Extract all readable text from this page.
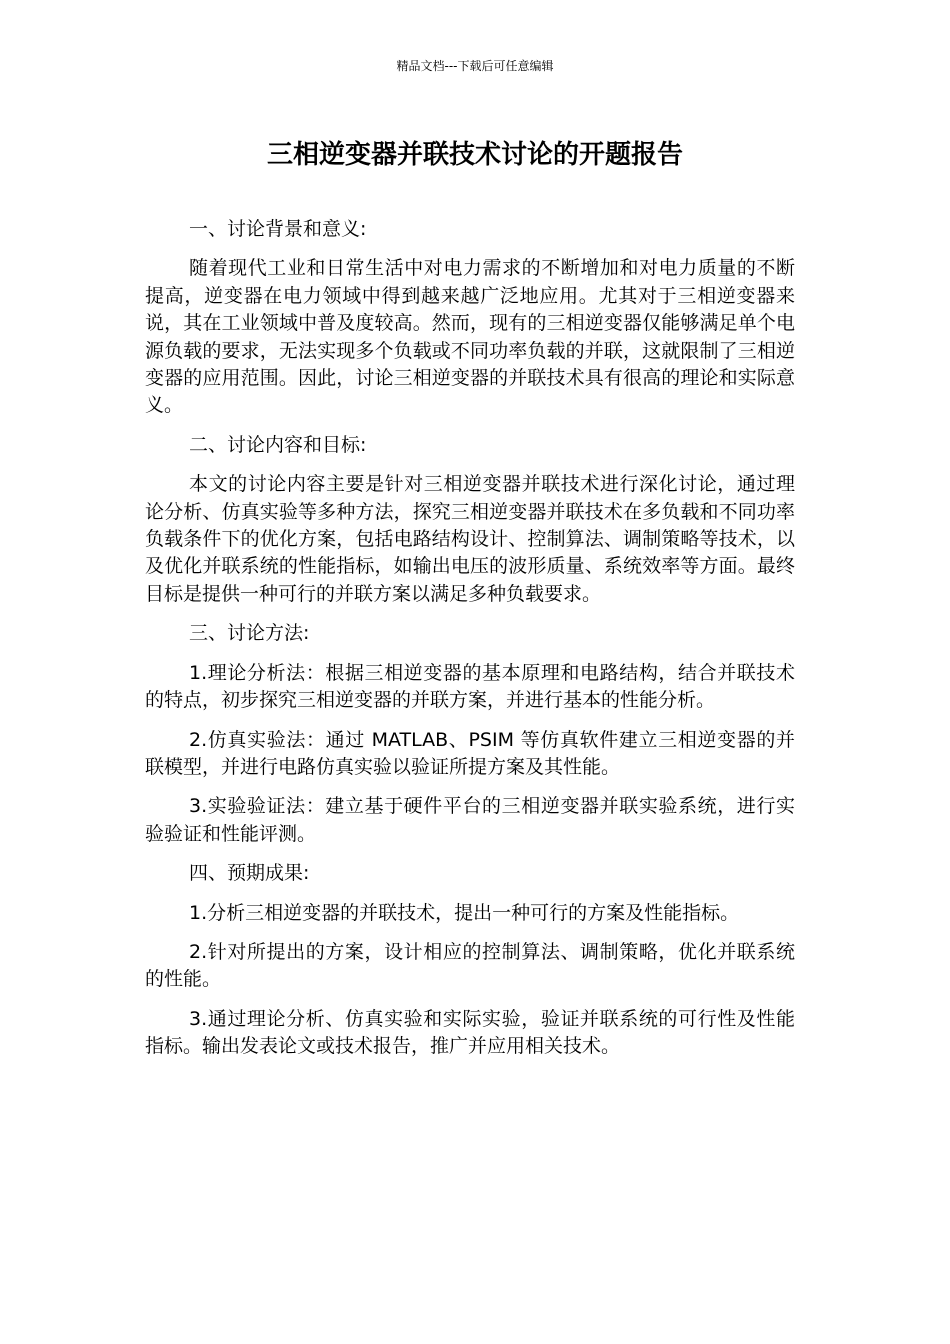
精品文档---下载后可任意编辑
三相逆变器并联技术讨论的开题报告

一、讨论背景和意义:

随着现代工业和日常生活中对电力需求的不断增加和对电力质量的不断提高，逆变器在电力领域中得到越来越广泛地应用。尤其对于三相逆变器来说，其在工业领域中普及度较高。然而，现有的三相逆变器仅能够满足单个电源负载的要求，无法实现多个负载或不同功率负载的并联，这就限制了三相逆变器的应用范围。因此，讨论三相逆变器的并联技术具有很高的理论和实际意义。

二、讨论内容和目标:

本文的讨论内容主要是针对三相逆变器并联技术进行深化讨论，通过理论分析、仿真实验等多种方法，探究三相逆变器并联技术在多负载和不同功率负载条件下的优化方案，包括电路结构设计、控制算法、调制策略等技术，以及优化并联系统的性能指标，如输出电压的波形质量、系统效率等方面。最终目标是提供一种可行的并联方案以满足多种负载要求。

三、讨论方法:

1.理论分析法：根据三相逆变器的基本原理和电路结构，结合并联技术的特点，初步探究三相逆变器的并联方案，并进行基本的性能分析。

2.仿真实验法：通过 MATLAB、PSIM 等仿真软件建立三相逆变器的并联模型，并进行电路仿真实验以验证所提方案及其性能。

3.实验验证法：建立基于硬件平台的三相逆变器并联实验系统，进行实验验证和性能评测。

四、预期成果:

1.分析三相逆变器的并联技术，提出一种可行的方案及性能指标。

2.针对所提出的方案，设计相应的控制算法、调制策略，优化并联系统的性能。

3.通过理论分析、仿真实验和实际实验，验证并联系统的可行性及性能指标。输出发表论文或技术报告，推广并应用相关技术。
